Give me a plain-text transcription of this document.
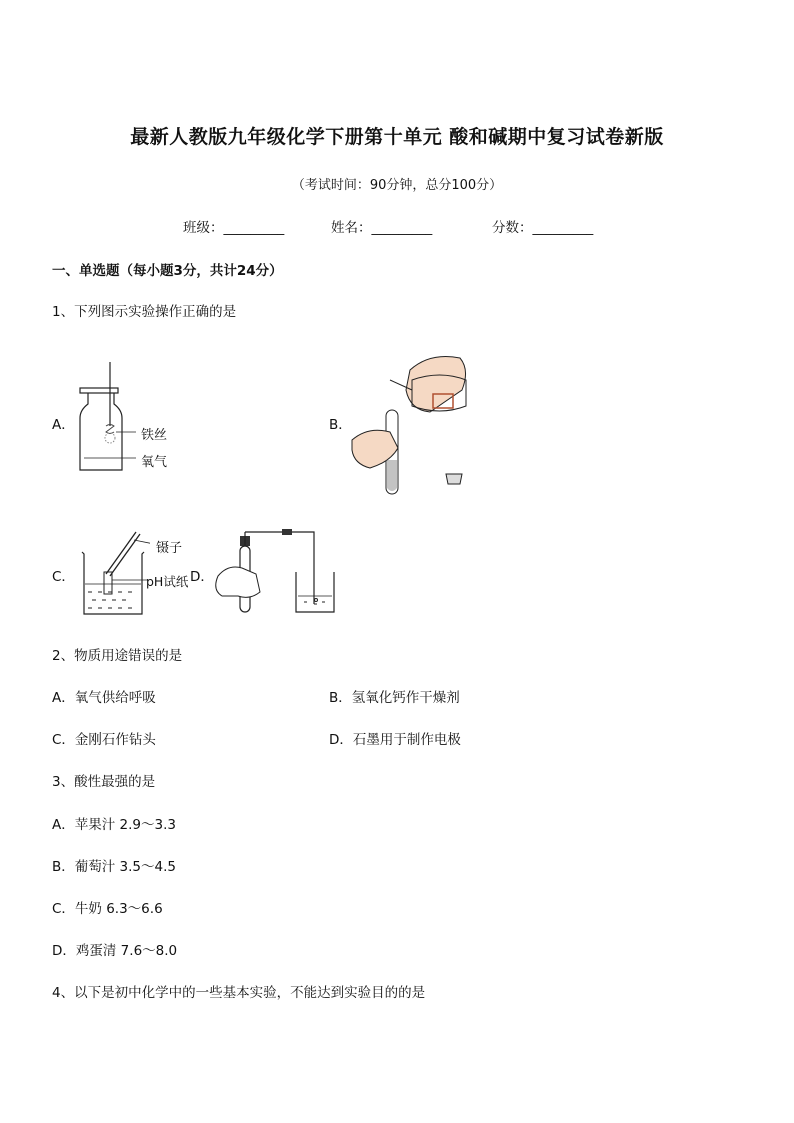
最新人教版九年级化学下册第十单元 酸和碱期中复习试卷新版
（考试时间：90分钟，总分100分）
班级：_________	姓名：_________	分数：_________
一、单选题（每小题3分，共计24分）
1、下列图示实验操作正确的是
A．
铁丝
氧气
B．
C．
镊子
pH试纸 D．
2、物质用途错误的是
A．氧气供给呼吸	B．氢氧化钙作干燥剂
C．金刚石作钻头	D．石墨用于制作电极
3、酸性最强的是
A．苹果汁 2.9～3.3
B．葡萄汁 3.5～4.5
C．牛奶 6.3～6.6
D．鸡蛋清 7.6～8.0
4、以下是初中化学中的一些基本实验，不能达到实验目的的是
